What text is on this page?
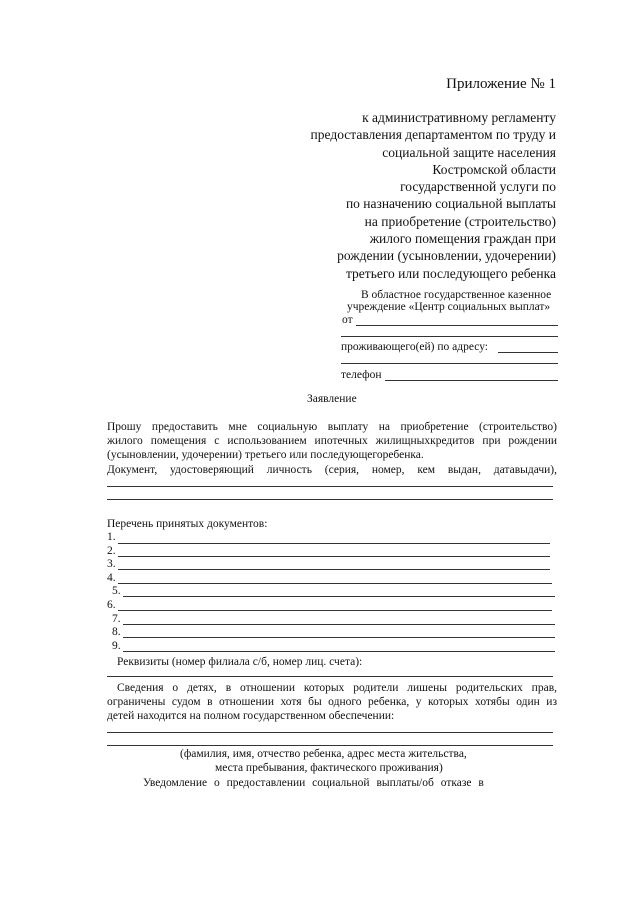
Приложение № 1
к административному регламенту
предоставления департаментом по труду и
социальной защите населения
Костромской области
государственной услуги по
по назначению социальной выплаты
на приобретение (строительство)
жилого помещения граждан при
рождении (усыновлении, удочерении)
третьего или последующего ребенка
В областное государственное казенное
учреждение «Центр социальных выплат»
от
проживающего(ей) по адресу:
телефон
Заявление
Прошу предоставить мне социальную выплату на приобретение (строительство)
жилого помещения с использованием ипотечных жилищныхкредитов при рождении
(усыновлении, удочерении) третьего или последующегоребенка.
Документ, удостоверяющий личность (серия, номер, кем выдан, датавыдачи),
Перечень принятых документов:
1.
2.
3.
4.
5.
6.
7.
8.
9.
Реквизиты (номер филиала с/б, номер лиц. счета):
Сведения о детях, в отношении которых родители лишены родительских прав,
ограничены судом в отношении хотя бы одного ребенка, у которых хотябы один из
детей находится на полном государственном обеспечении:
(фамилия, имя, отчество ребенка, адрес места жительства,
места пребывания, фактического проживания)
Уведомление о предоставлении социальной выплаты/об отказе в
